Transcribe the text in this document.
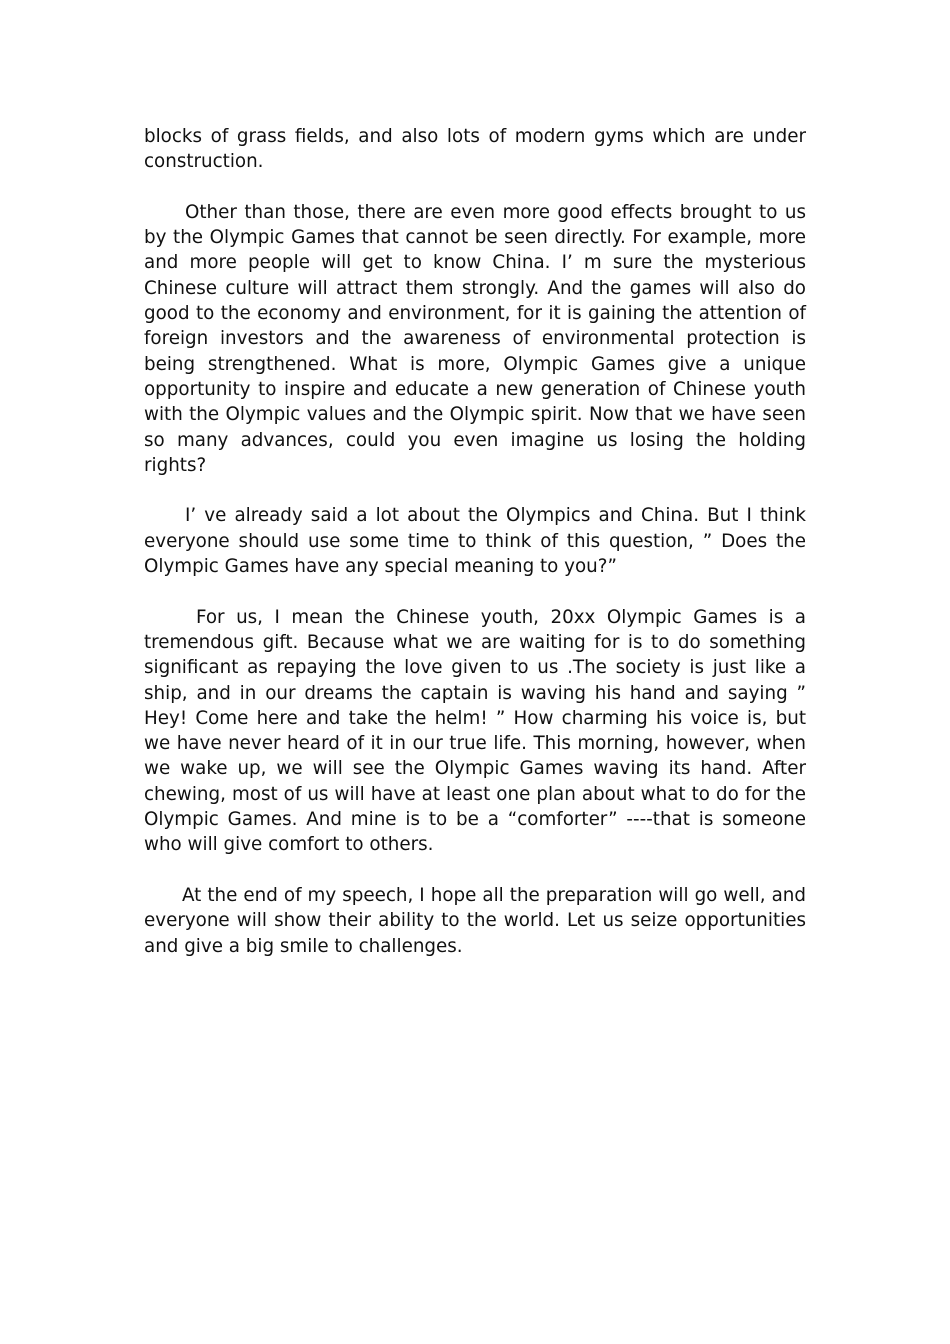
blocks of grass fields, and also lots of modern gyms which are under construction.

Other than those, there are even more good effects brought to us by the Olympic Games that cannot be seen directly. For example, more and more people will get to know China. I’ m sure the mysterious Chinese culture will attract them strongly. And the games will also do good to the economy and environment, for it is gaining the attention of foreign investors and the awareness of environmental protection is being strengthened. What is more, Olympic Games give a unique opportunity to inspire and educate a new generation of Chinese youth with the Olympic values and the Olympic spirit. Now that we have seen so many advances, could you even imagine us losing the holding rights?

I’ ve already said a lot about the Olympics and China. But I think everyone should use some time to think of this question, ” Does the Olympic Games have any special meaning to you?”

For us, I mean the Chinese youth, 20xx Olympic Games is a tremendous gift. Because what we are waiting for is to do something significant as repaying the love given to us .The society is just like a ship, and in our dreams the captain is waving his hand and saying ” Hey! Come here and take the helm! ” How charming his voice is, but we have never heard of it in our true life. This morning, however, when we wake up, we will see the Olympic Games waving its hand. After chewing, most of us will have at least one plan about what to do for the Olympic Games. And mine is to be a “comforter” ----that is someone who will give comfort to others.

At the end of my speech, I hope all the preparation will go well, and everyone will show their ability to the world. Let us seize opportunities and give a big smile to challenges.
